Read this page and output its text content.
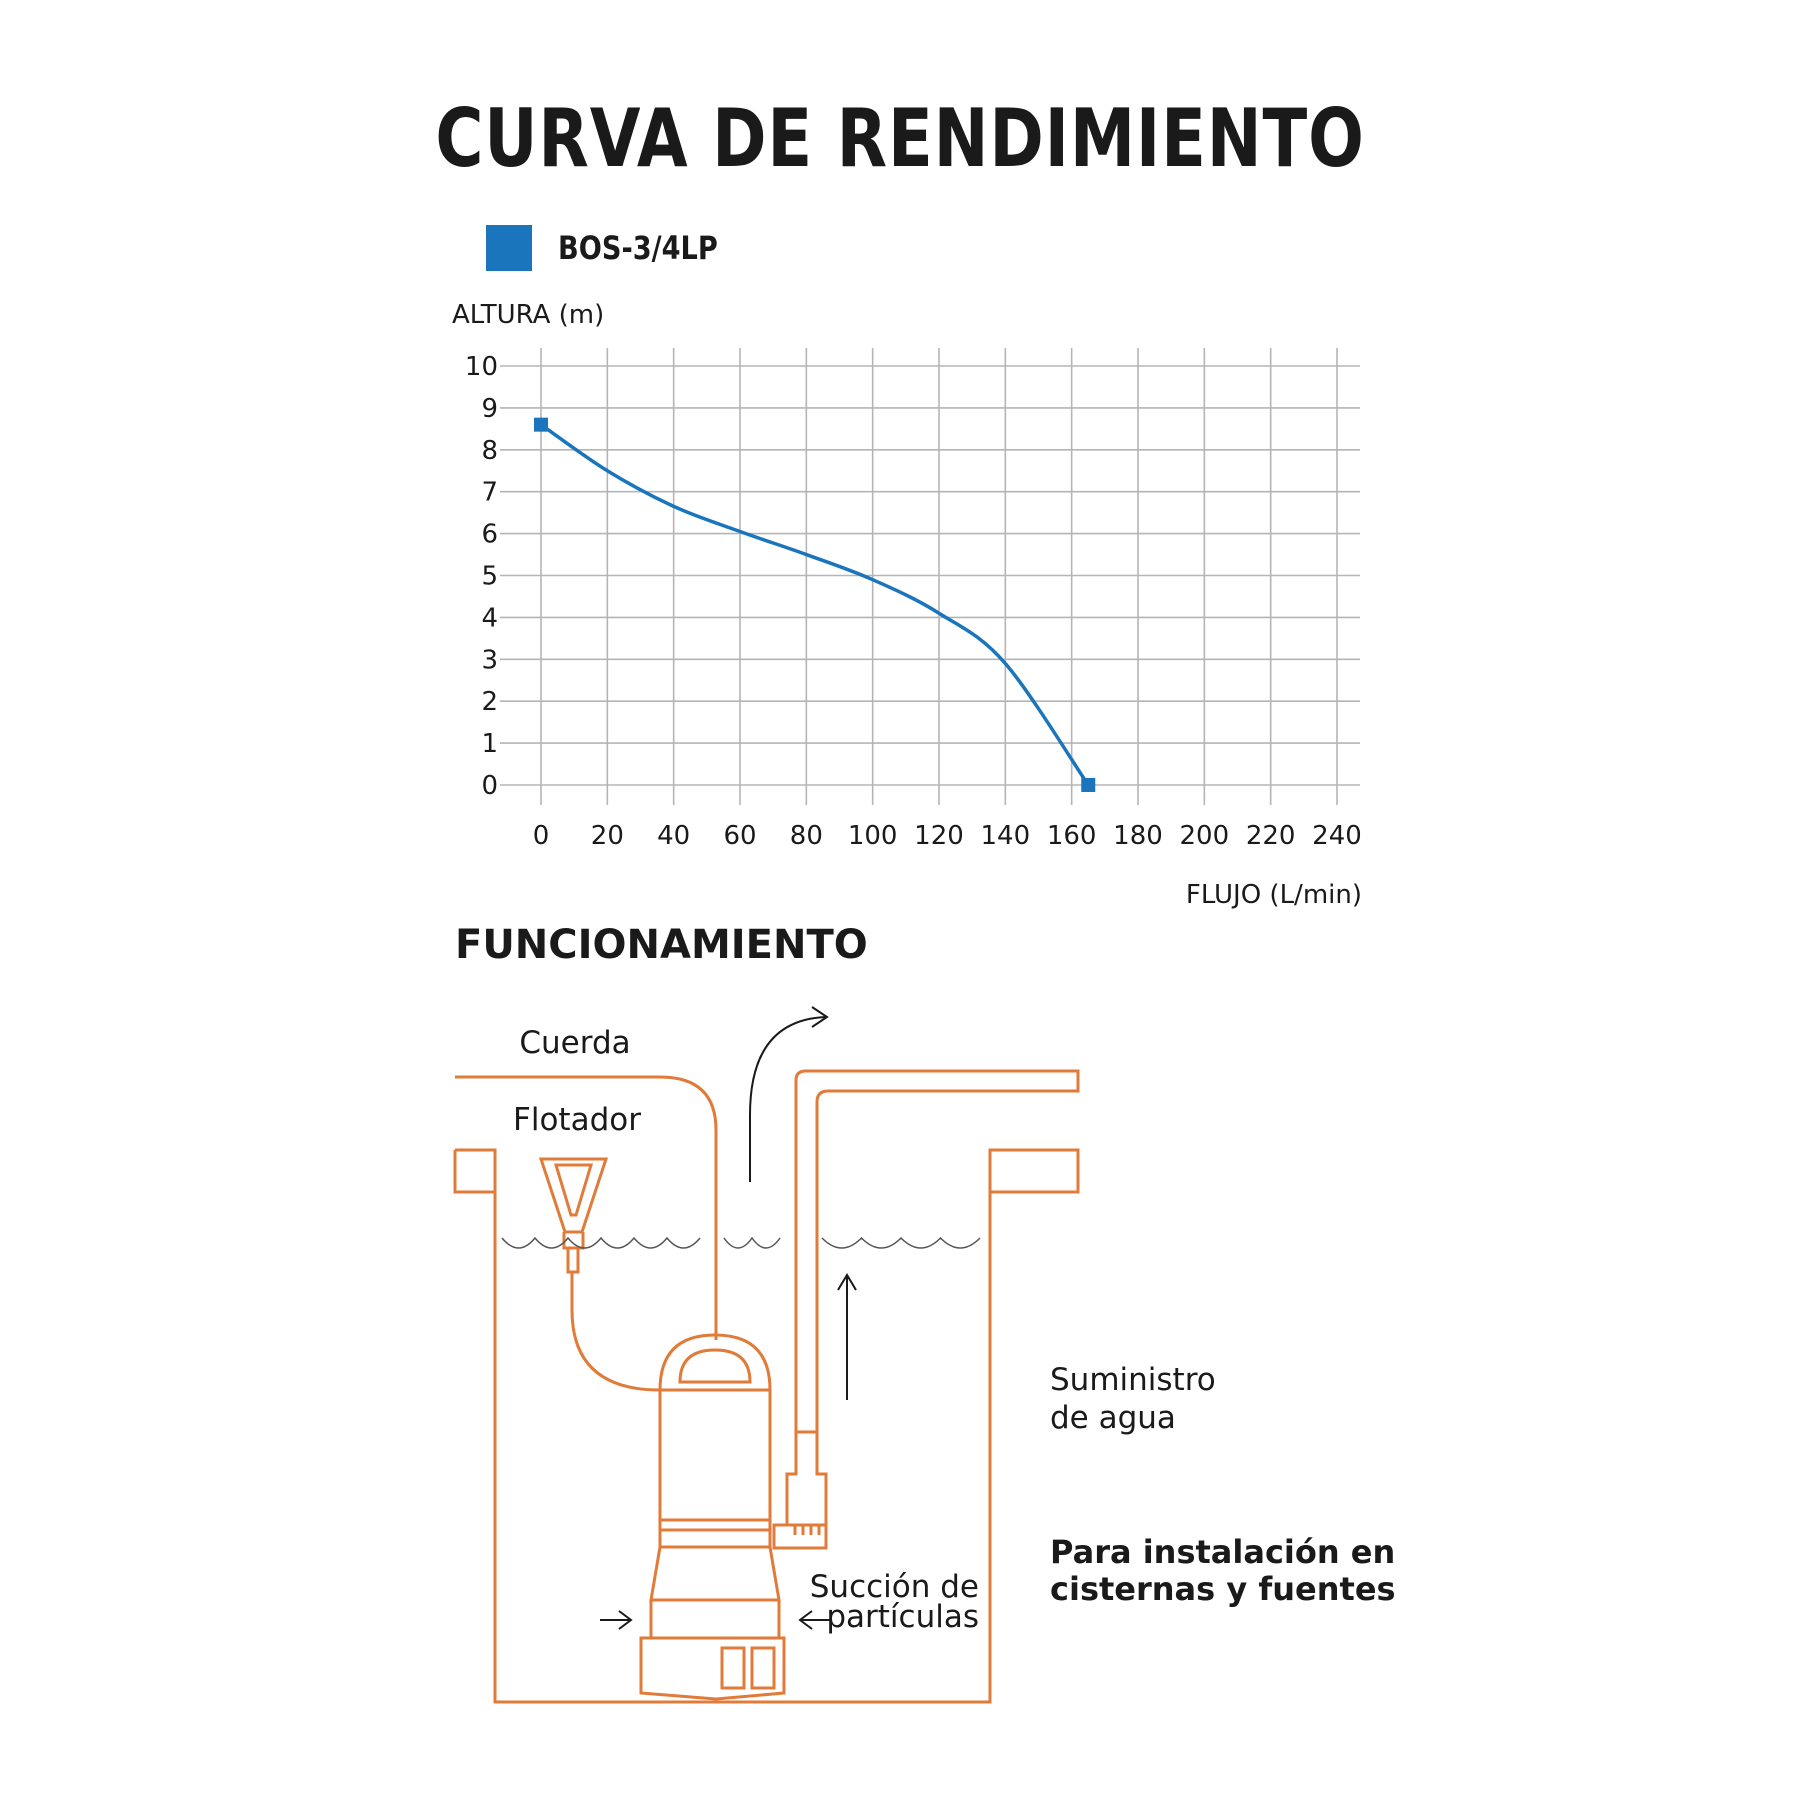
CURVA DE RENDIMIENTO
BOS-3/4LP
ALTURA (m)
FLUJO (L/min)
0
1
2
3
4
5
6
7
8
9
10
0 20 40 60 80 100 120 140 160 180 200 220 240
FUNCIONAMIENTO
Cuerda
Flotador
Suministro
de agua
Succión de
partículas
Para instalación en
cisternas y fuentes
